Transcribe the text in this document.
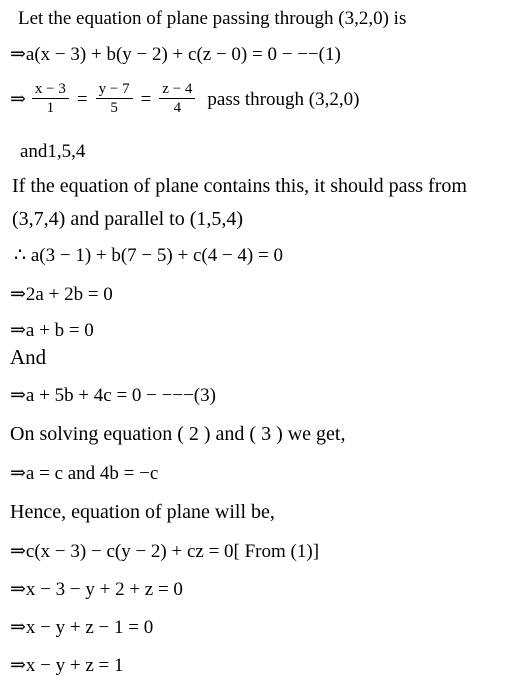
Let the equation of plane passing through (3,2,0) is
⇒a(x − 3) + b(y − 2) + c(z − 0) = 0 − −−(1)
⇒ $\frac{x - 3}{1} = \frac{y - 7}{5} = \frac{z - 4}{4}$ pass through (3,2,0)
and1,5,4
If the equation of plane contains this, it should pass from
(3,7,4) and parallel to (1,5,4)
∴ a(3 − 1) + b(7 − 5) + c(4 − 4) = 0
⇒2a + 2b = 0
⇒a + b = 0
And
⇒a + 5b + 4c = 0 − −−−(3)
On solving equation ( 2 ) and ( 3 ) we get,
⇒a = c and 4b = −c
Hence, equation of plane will be,
⇒c(x − 3) − c(y − 2) + cz = 0[ From (1)]
⇒x − 3 − y + 2 + z = 0
⇒x − y + z − 1 = 0
⇒x − y + z = 1
